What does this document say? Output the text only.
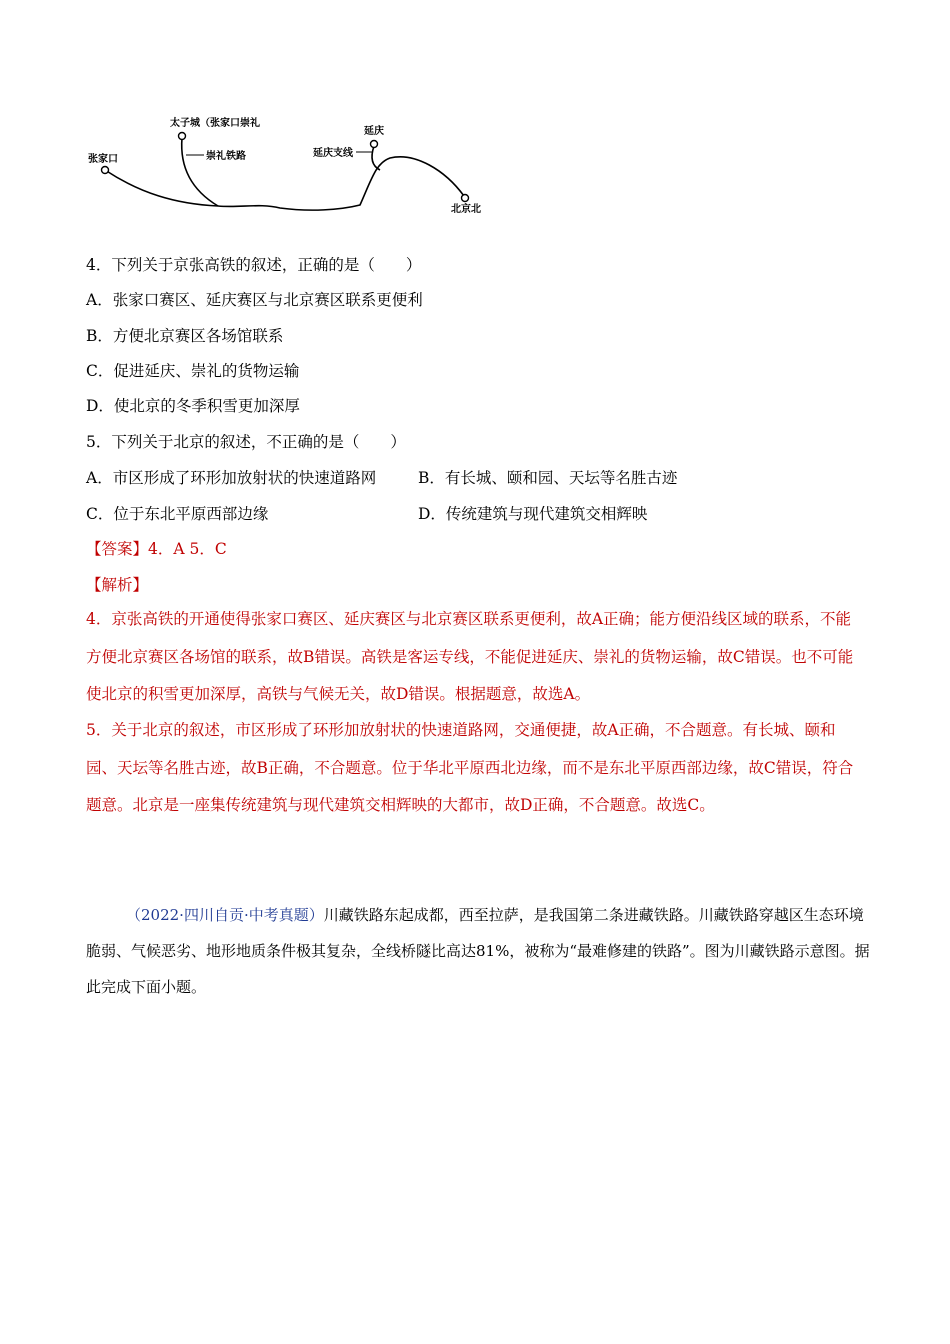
张家口
太子城（张家口崇礼
崇礼铁路
延庆
延庆支线
北京北
4．下列关于京张高铁的叙述，正确的是（　　）
A．张家口赛区、延庆赛区与北京赛区联系更便利
B．方便北京赛区各场馆联系
C．促进延庆、崇礼的货物运输
D．使北京的冬季积雪更加深厚
5．下列关于北京的叙述，不正确的是（　　）
A．市区形成了环形加放射状的快速道路网	B．有长城、颐和园、天坛等名胜古迹
C．位于东北平原西部边缘	D．传统建筑与现代建筑交相辉映
【答案】4．A 5．C
【解析】
4．京张高铁的开通使得张家口赛区、延庆赛区与北京赛区联系更便利，故A正确；能方便沿线区域的联系，不能方便北京赛区各场馆的联系，故B错误。高铁是客运专线，不能促进延庆、崇礼的货物运输，故C错误。也不可能使北京的积雪更加深厚，高铁与气候无关，故D错误。根据题意，故选A。
5．关于北京的叙述，市区形成了环形加放射状的快速道路网，交通便捷，故A正确，不合题意。有长城、颐和园、天坛等名胜古迹，故B正确，不合题意。位于华北平原西北边缘，而不是东北平原西部边缘，故C错误，符合题意。北京是一座集传统建筑与现代建筑交相辉映的大都市，故D正确，不合题意。故选C。
（2022·四川自贡·中考真题）川藏铁路东起成都，西至拉萨，是我国第二条进藏铁路。川藏铁路穿越区生态环境脆弱、气候恶劣、地形地质条件极其复杂，全线桥隧比高达81%，被称为“最难修建的铁路”。图为川藏铁路示意图。据此完成下面小题。
